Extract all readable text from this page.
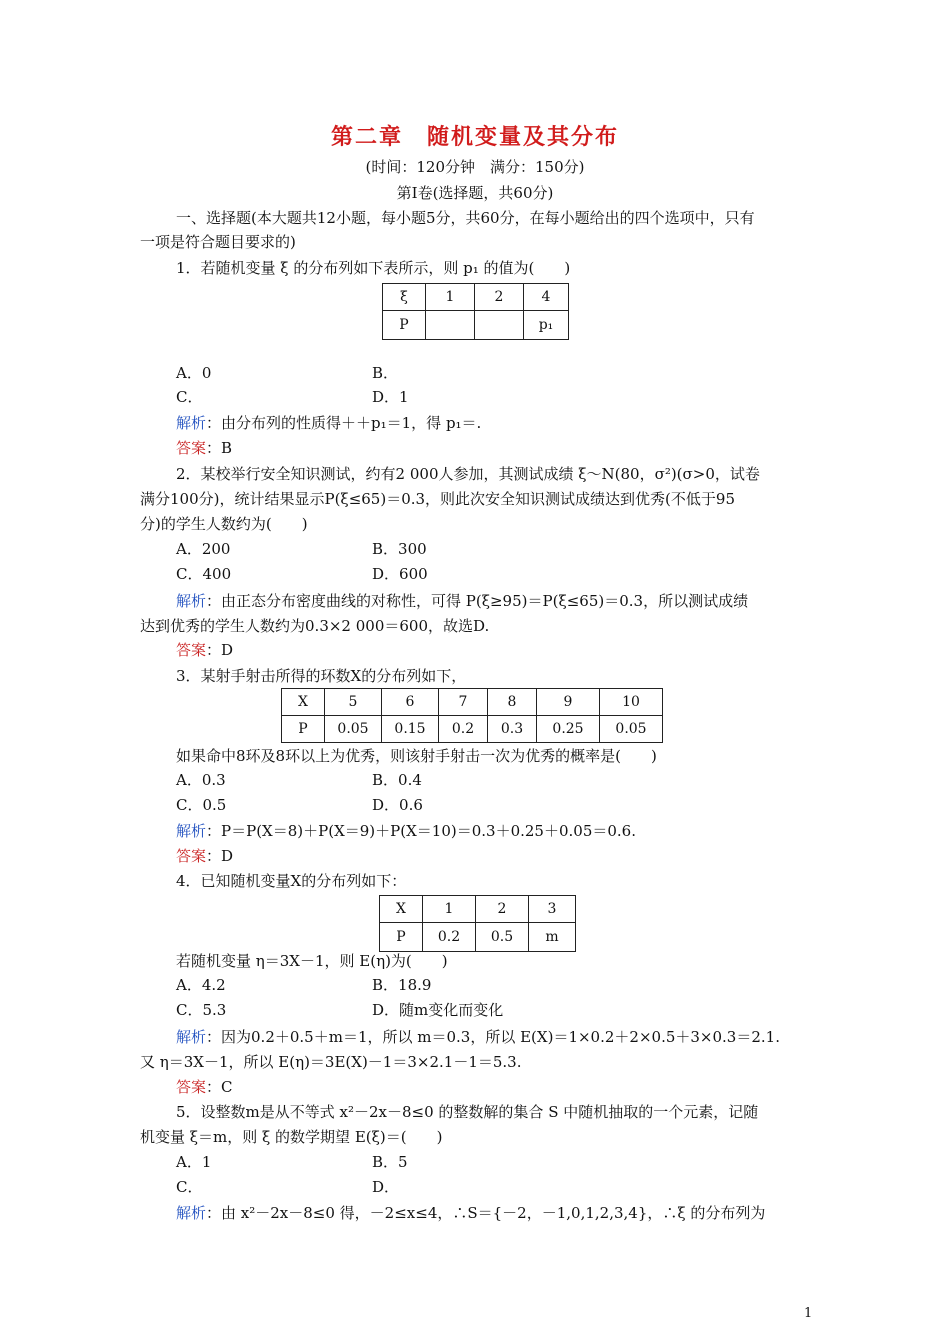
第二章　随机变量及其分布
(时间：120分钟　满分：150分)
第Ⅰ卷(选择题，共60分)
一、选择题(本大题共12小题，每小题5分，共60分，在每小题给出的四个选项中，只有
一项是符合题目要求的)
1．若随机变量 ξ 的分布列如下表所示，则 p₁ 的值为(　　)
ξ	1	2	4
P			p₁
A．0	B．
C．	D．1
解析：由分布列的性质得＋＋p₁＝1，得 p₁＝.
答案：B
2．某校举行安全知识测试，约有2 000人参加，其测试成绩 ξ～N(80，σ²)(σ>0，试卷
满分100分)，统计结果显示P(ξ≤65)＝0.3，则此次安全知识测试成绩达到优秀(不低于95
分)的学生人数约为(　　)
A．200	B．300
C．400	D．600
解析：由正态分布密度曲线的对称性，可得 P(ξ≥95)＝P(ξ≤65)＝0.3，所以测试成绩
达到优秀的学生人数约为0.3×2 000＝600，故选D.
答案：D
3．某射手射击所得的环数X的分布列如下，
X	5	6	7	8	9	10
P	0.05	0.15	0.2	0.3	0.25	0.05
如果命中8环及8环以上为优秀，则该射手射击一次为优秀的概率是(　　)
A．0.3	B．0.4
C．0.5	D．0.6
解析：P＝P(X＝8)＋P(X＝9)＋P(X＝10)＝0.3＋0.25＋0.05＝0.6.
答案：D
4．已知随机变量X的分布列如下：
X	1	2	3
P	0.2	0.5	m
若随机变量 η＝3X－1，则 E(η)为(　　)
A．4.2	B．18.9
C．5.3	D．随m变化而变化
解析：因为0.2＋0.5＋m＝1，所以 m＝0.3，所以 E(X)＝1×0.2＋2×0.5＋3×0.3＝2.1.
又 η＝3X－1，所以 E(η)＝3E(X)－1＝3×2.1－1＝5.3.
答案：C
5．设整数m是从不等式 x²－2x－8≤0 的整数解的集合 S 中随机抽取的一个元素，记随
机变量 ξ＝m，则 ξ 的数学期望 E(ξ)＝(　　)
A．1	B．5
C．	D．
解析：由 x²－2x－8≤0 得，－2≤x≤4，∴S＝{－2，－1,0,1,2,3,4}，∴ξ 的分布列为
1
